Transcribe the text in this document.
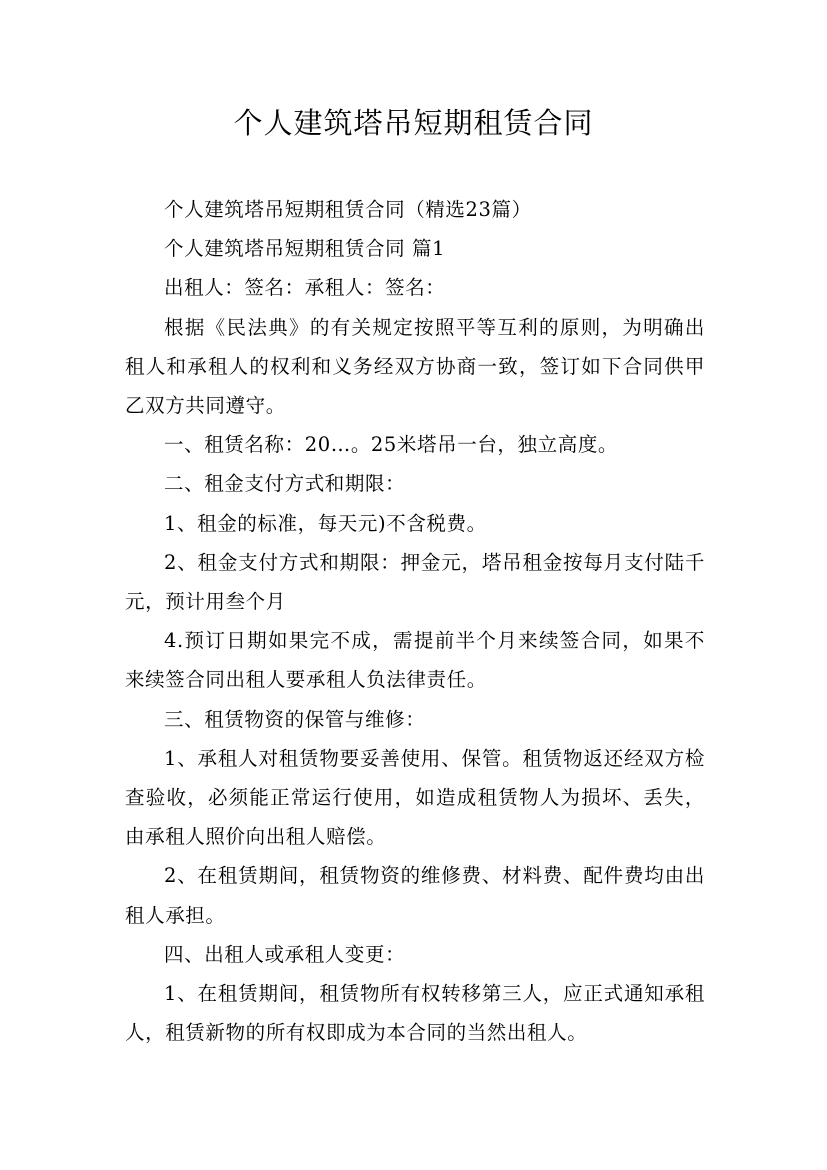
个人建筑塔吊短期租赁合同

个人建筑塔吊短期租赁合同（精选23篇）

个人建筑塔吊短期租赁合同 篇1

出租人：签名：承租人：签名：

根据《民法典》的有关规定按照平等互利的原则，为明确出租人和承租人的权利和义务经双方协商一致，签订如下合同供甲乙双方共同遵守。

一、租赁名称：20…。25米塔吊一台，独立高度。

二、租金支付方式和期限：

1、租金的标准，每天元)不含税费。

2、租金支付方式和期限：押金元，塔吊租金按每月支付陆千元，预计用叁个月

4.预订日期如果完不成，需提前半个月来续签合同，如果不来续签合同出租人要承租人负法律责任。

三、租赁物资的保管与维修：

1、承租人对租赁物要妥善使用、保管。租赁物返还经双方检查验收，必须能正常运行使用，如造成租赁物人为损坏、丢失，由承租人照价向出租人赔偿。

2、在租赁期间，租赁物资的维修费、材料费、配件费均由出租人承担。

四、出租人或承租人变更：

1、在租赁期间，租赁物所有权转移第三人，应正式通知承租人，租赁新物的所有权即成为本合同的当然出租人。
